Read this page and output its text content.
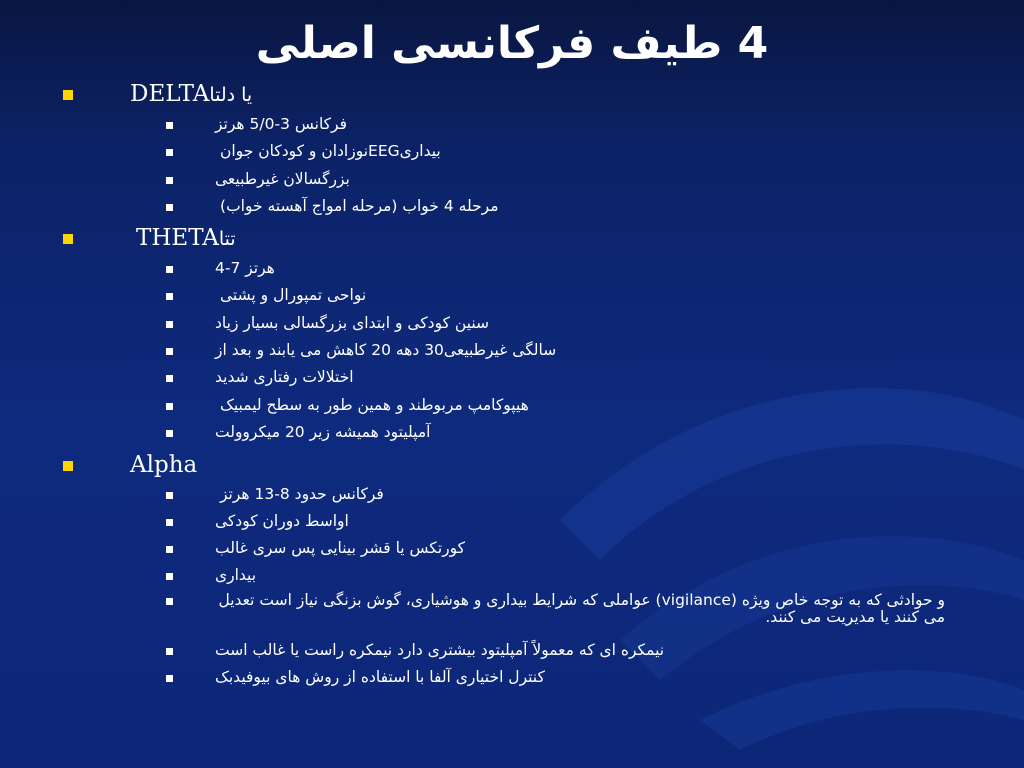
4 طيف فركانسی اصلی
DELTAيا دلتا
فرکانس 3-5/0 هرتز
نوزادان و کودکان جوانEEGبيداری
بزرگسالان غيرطبيعی
(مرحله 4 خواب (مرحله امواج آهسته خواب
THETAتتا
4-7 هرتز
نواحی تمپورال و پشتی
سنين کودکی و ابتدای بزرگسالی بسيار زياد
سالگی غيرطبيعی30 دهه 20 کاهش می يابند و بعد از
اختلالات رفتاری شديد
هيپوکامپ مربوطند و همين طور به سطح ليمبيک
آمپليتود هميشه زير 20 ميکروولت
Alpha
فرکانس حدود 8-13 هرتز
اواسط دوران کودکی
کورتکس يا قشر بينايی پس سری غالب
بيداری
و حوادثی که به توجه خاص ويژه (vigilance) عواملی که شرايط بيداری و هوشياری، گوش بزنگی نياز است تعديل می کنند يا مديريت می کنند.
نيمکره ای که معمولاً آمپليتود بيشتری دارد نيمکره راست يا غالب است
کنترل اختياری آلفا با استفاده از روش های بيوفيدبک
